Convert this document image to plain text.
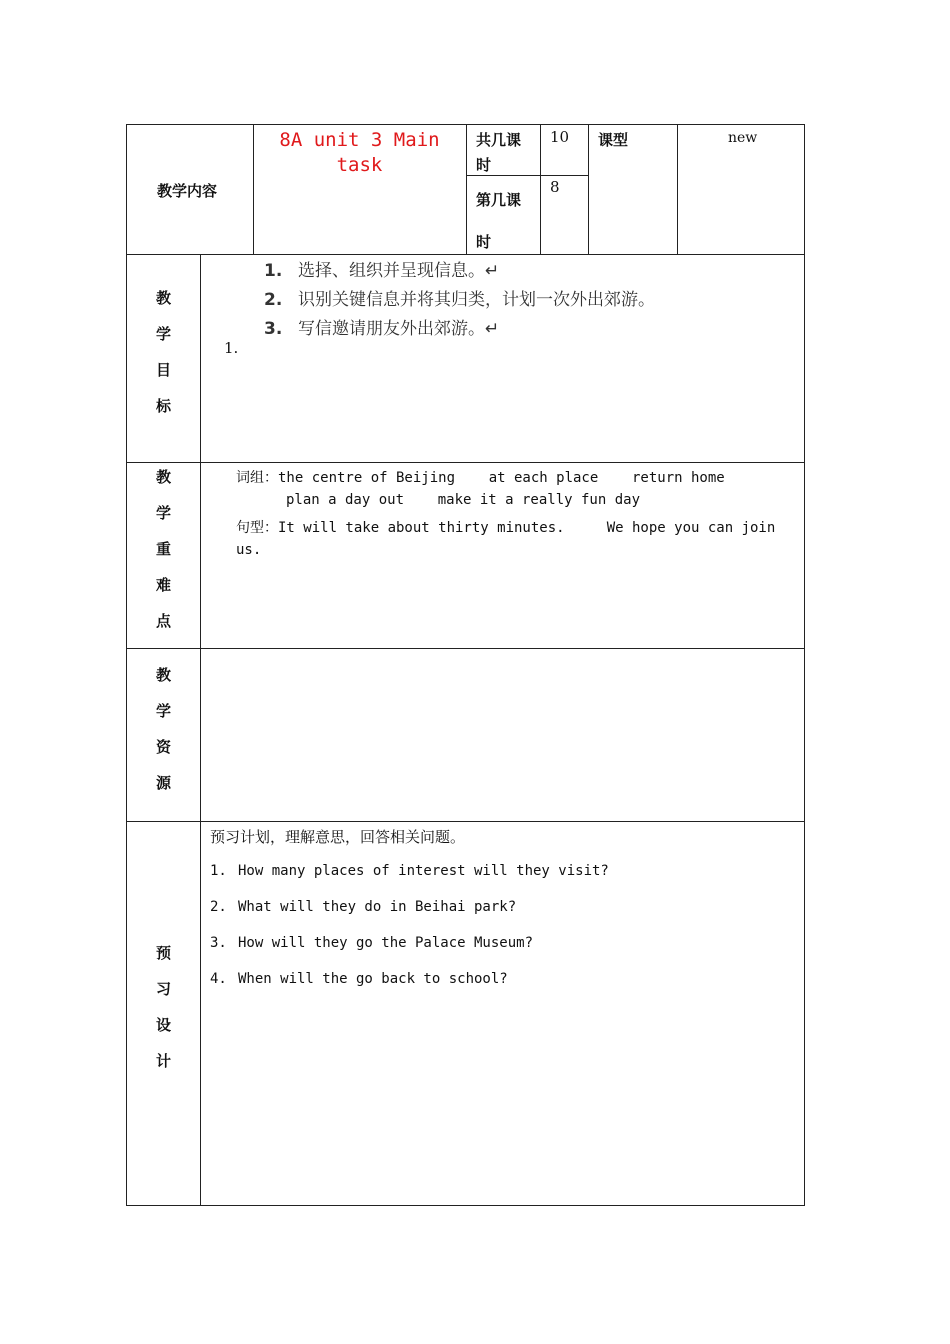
教学内容
8A unit 3 Main task
共几课时
10
第几课时
8
课型	new
教
学
目
标
1. 选择、组织并呈现信息。↵
2. 识别关键信息并将其归类，计划一次外出郊游。
3. 写信邀请朋友外出郊游。↵
1.
教
学
重
难
点
词组：the centre of Beijing    at each place    return home
plan a day out    make it a really fun day
句型：It will take about thirty minutes.     We hope you can join
us.
教
学
资
源
预
习
设
计
预习计划，理解意思，回答相关问题。
1. How many places of interest will they visit?
2. What will they do in Beihai park?
3. How will they go the Palace Museum?
4. When will the go back to school?
